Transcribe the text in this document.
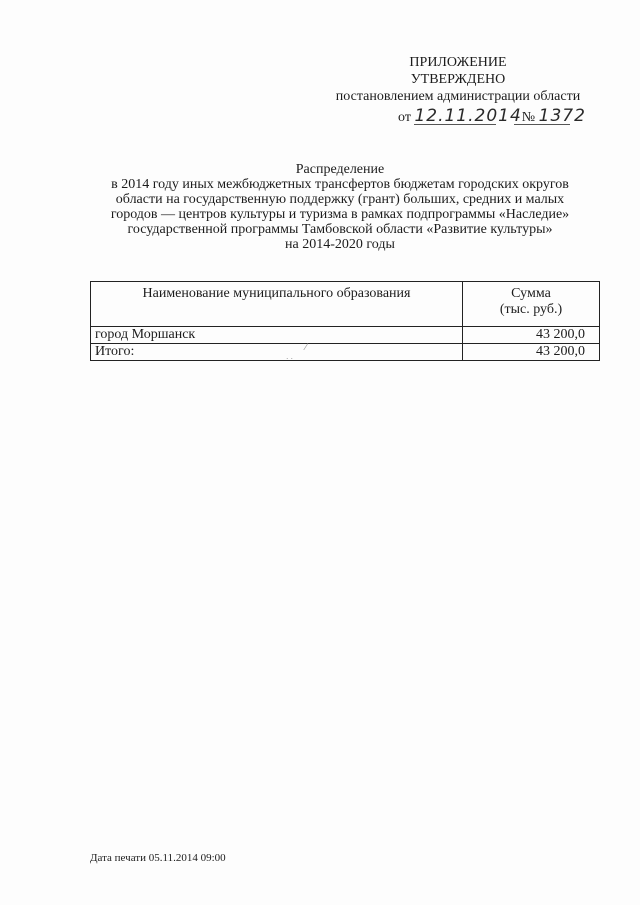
ПРИЛОЖЕНИЕ
УТВЕРЖДЕНО
постановлением администрации области
от 12.11.2014№ 1372
Распределение
в 2014 году иных межбюджетных трансфертов бюджетам городских округов
области на государственную поддержку (грант) больших, средних и малых
городов — центров культуры и туризма в рамках подпрограммы «Наследие»
государственной программы Тамбовской области «Развитие культуры»
на 2014-2020 годы
Наименование муниципального образования	Сумма
(тыс. руб.)

город Моршанск	43 200,0
Итого:	43 200,0
⁄
˙˙
Дата печати 05.11.2014 09:00
